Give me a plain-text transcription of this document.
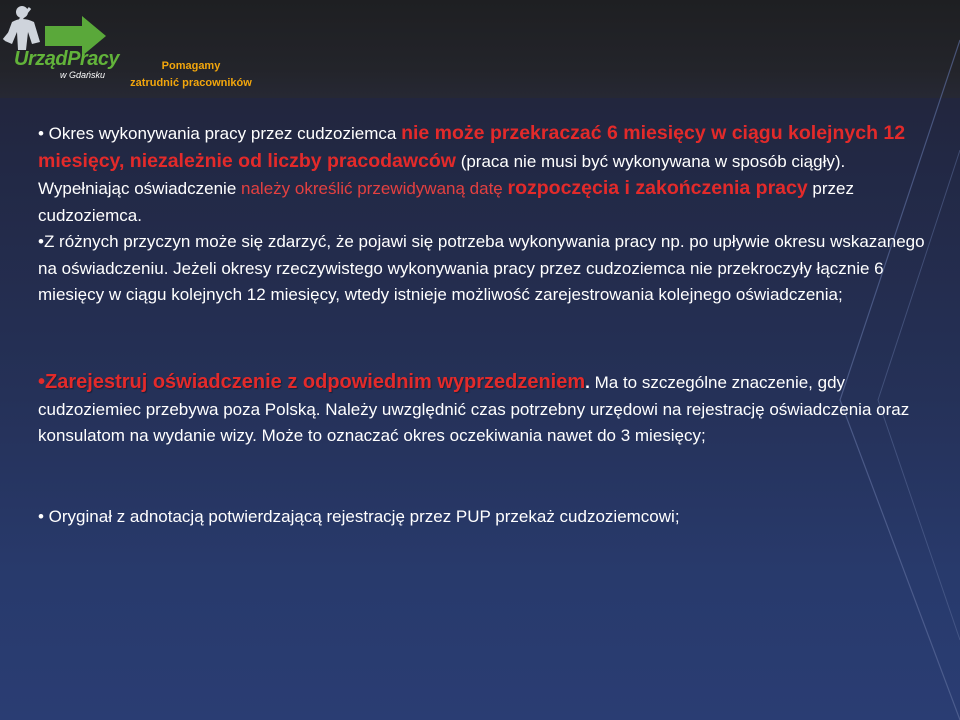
UrządPracy
w Gdańsku
Pomagamy
zatrudnić pracowników
• Okres wykonywania pracy przez cudzoziemca nie może przekraczać 6 miesięcy w ciągu kolejnych 12 miesięcy, niezależnie od liczby pracodawców (praca nie musi być wykonywana w sposób ciągły). Wypełniając oświadczenie należy określić przewidywaną datę rozpoczęcia i zakończenia pracy przez cudzoziemca.
•Z różnych przyczyn może się zdarzyć, że pojawi się potrzeba wykonywania pracy np. po upływie okresu wskazanego na oświadczeniu. Jeżeli okresy rzeczywistego wykonywania pracy przez cudzoziemca nie przekroczyły łącznie 6 miesięcy w ciągu kolejnych 12 miesięcy, wtedy istnieje możliwość zarejestrowania kolejnego oświadczenia;
•Zarejestruj oświadczenie z odpowiednim wyprzedzeniem. Ma to szczególne znaczenie, gdy cudzoziemiec przebywa poza Polską. Należy uwzględnić czas potrzebny urzędowi na rejestrację oświadczenia oraz konsulatom na wydanie wizy. Może to oznaczać okres oczekiwania nawet do 3 miesięcy;
• Oryginał z adnotacją potwierdzającą rejestrację przez PUP przekaż cudzoziemcowi;
